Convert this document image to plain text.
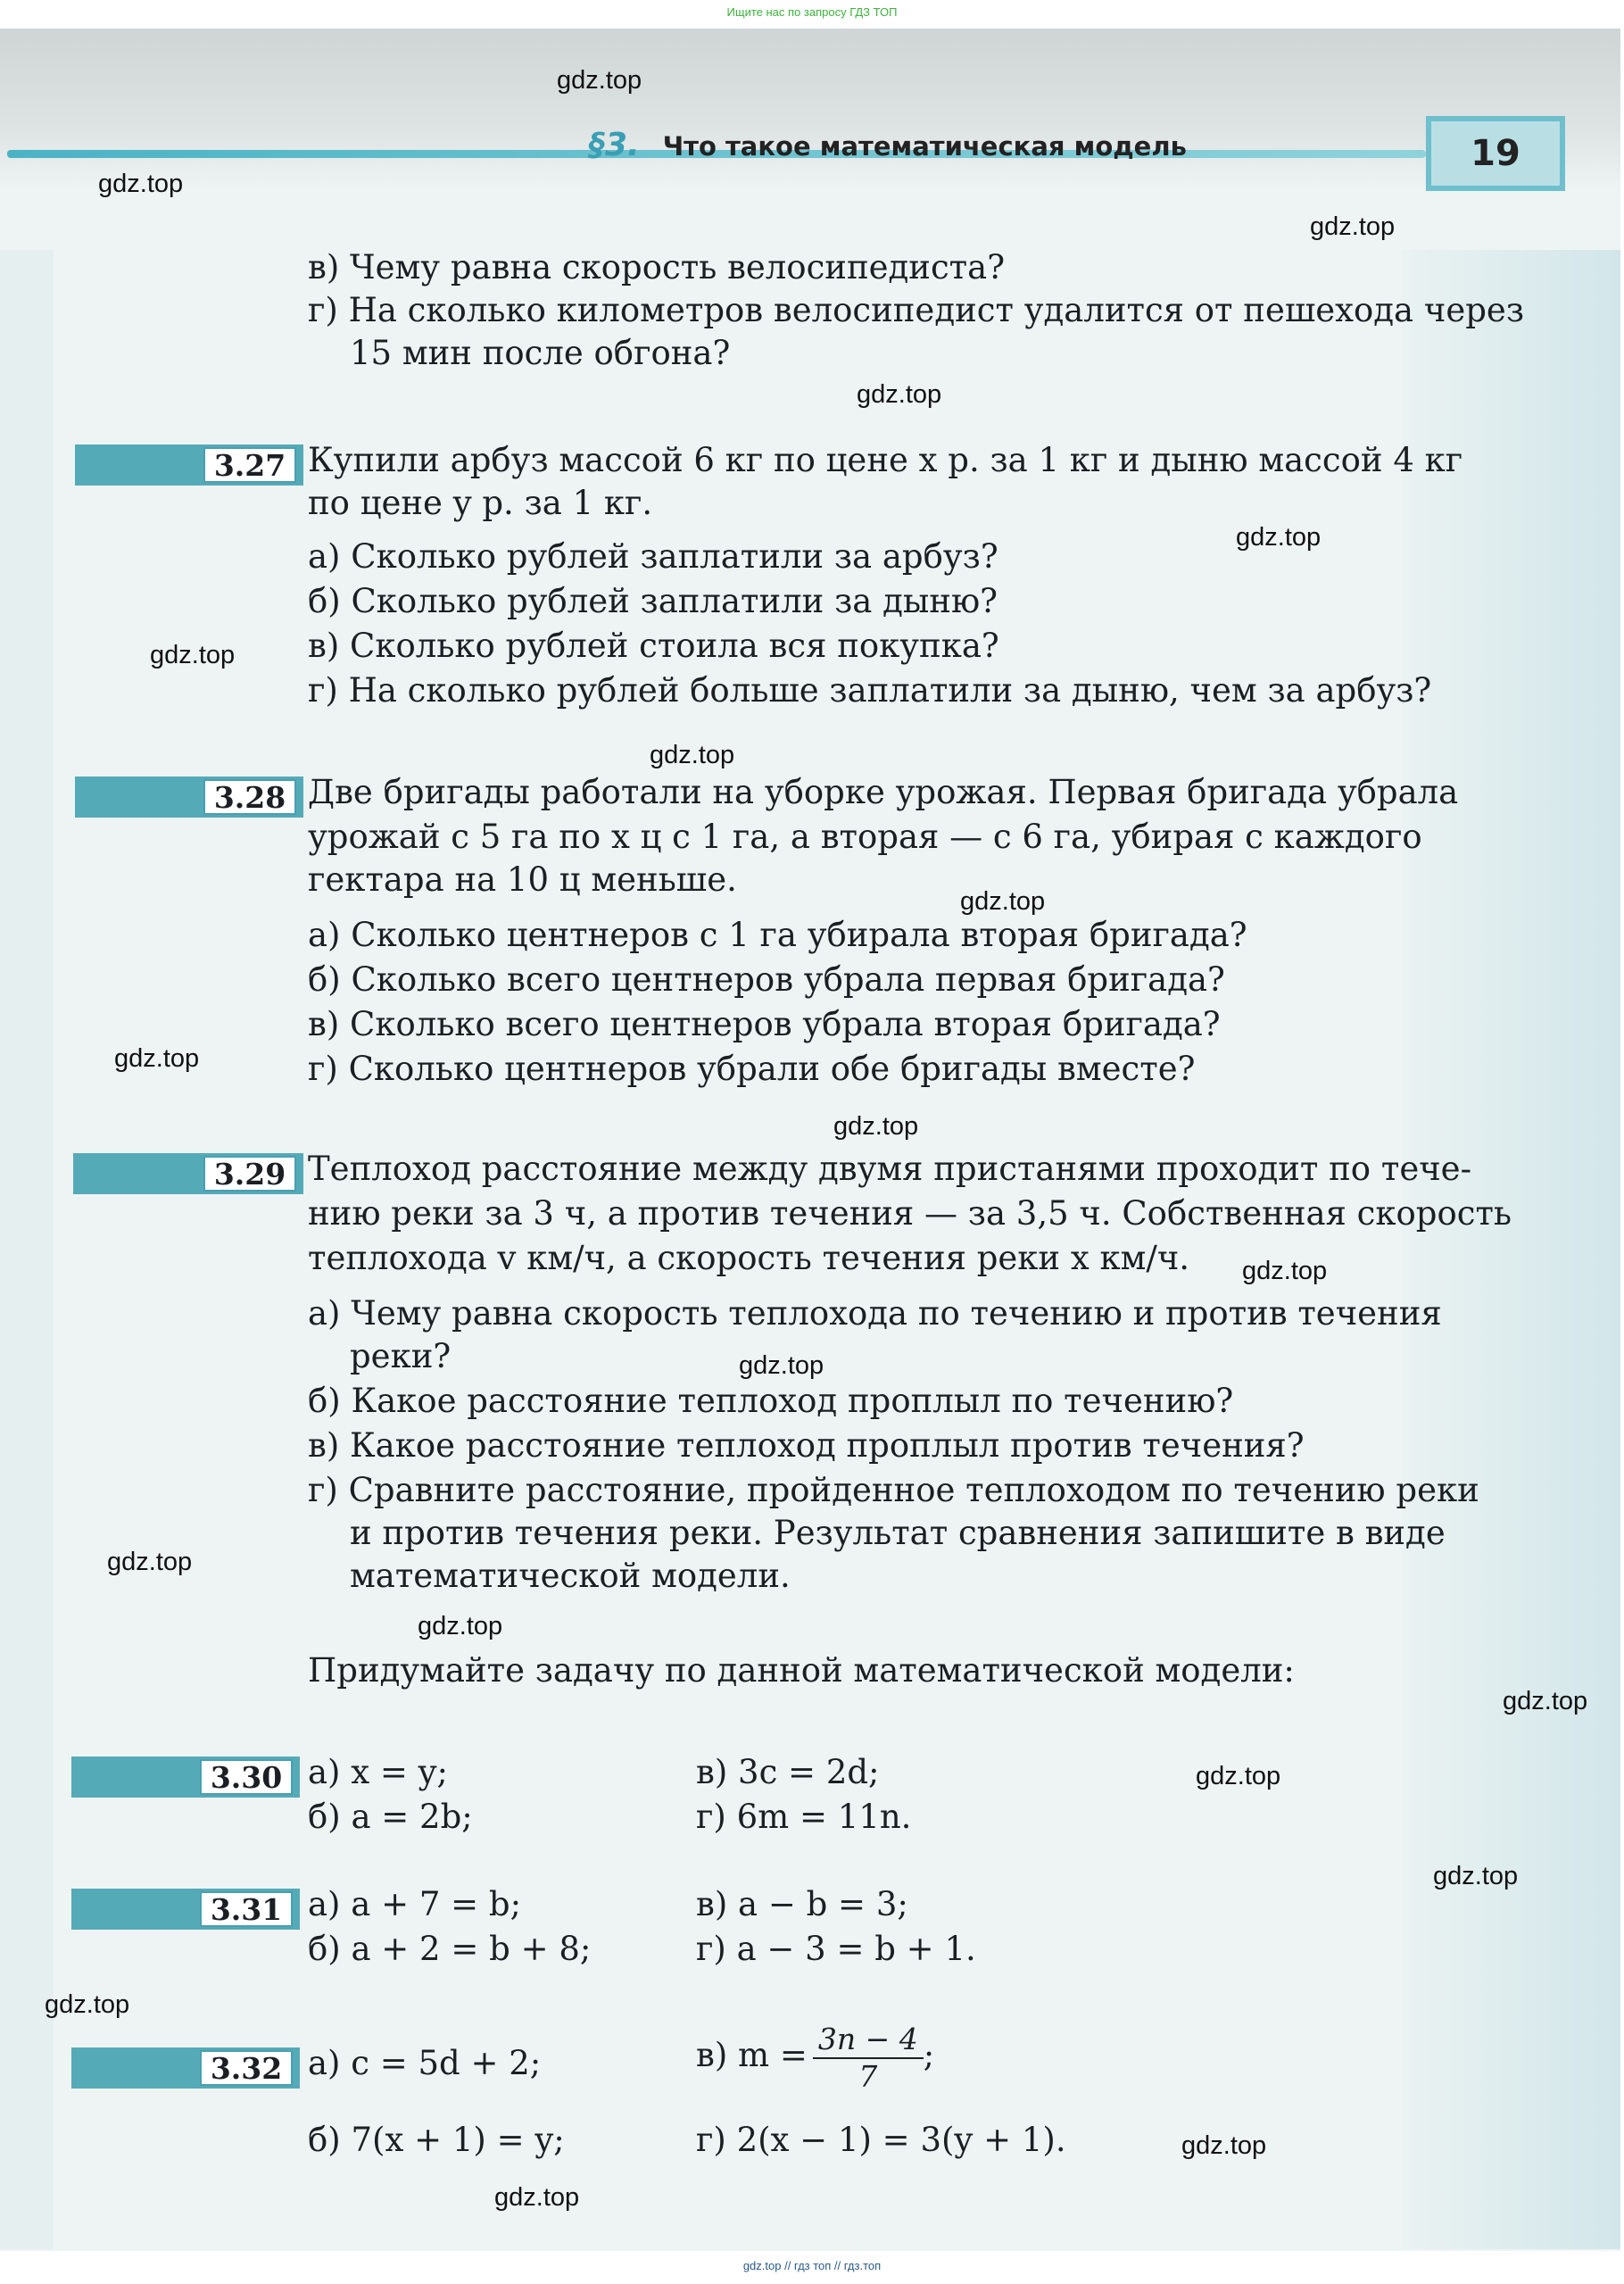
Ищите нас по запросу ГДЗ ТОП
§3. Что такое математическая модель	19
в) Чему равна скорость велосипедиста?
г) На сколько километров велосипедист удалится от пешехода через
15 мин после обгона?
3.27 Купили арбуз массой 6 кг по цене x р. за 1 кг и дыню массой 4 кг
по цене y р. за 1 кг.
а) Сколько рублей заплатили за арбуз?
б) Сколько рублей заплатили за дыню?
в) Сколько рублей стоила вся покупка?
г) На сколько рублей больше заплатили за дыню, чем за арбуз?
3.28 Две бригады работали на уборке урожая. Первая бригада убрала
урожай с 5 га по x ц с 1 га, а вторая — с 6 га, убирая с каждого
гектара на 10 ц меньше.
а) Сколько центнеров с 1 га убирала вторая бригада?
б) Сколько всего центнеров убрала первая бригада?
в) Сколько всего центнеров убрала вторая бригада?
г) Сколько центнеров убрали обе бригады вместе?
3.29 Теплоход расстояние между двумя пристанями проходит по тече-
нию реки за 3 ч, а против течения — за 3,5 ч. Собственная скорость
теплохода v км/ч, а скорость течения реки x км/ч.
а) Чему равна скорость теплохода по течению и против течения
реки?
б) Какое расстояние теплоход проплыл по течению?
в) Какое расстояние теплоход проплыл против течения?
г) Сравните расстояние, пройденное теплоходом по течению реки
и против течения реки. Результат сравнения запишите в виде
математической модели.
Придумайте задачу по данной математической модели:
3.30 а) x = y;	в) 3c = 2d;
б) a = 2b;	г) 6m = 11n.
3.31 а) a + 7 = b;	в) a − b = 3;
б) a + 2 = b + 8;	г) a − 3 = b + 1.
3.32 а) c = 5d + 2;	в) $m = \frac{3n - 4}{7}$ ;
б) 7(x + 1) = y;	г) 2(x − 1) = 3(y + 1).
gdz.top
gdz.top
gdz.top
gdz.top
gdz.top
gdz.top
gdz.top
gdz.top
gdz.top
gdz.top
gdz.top
gdz.top
gdz.top
gdz.top
gdz.top
gdz.top
gdz.top
gdz.top
gdz.top
gdz.top
gdz.top // гдз топ // гдз.топ
